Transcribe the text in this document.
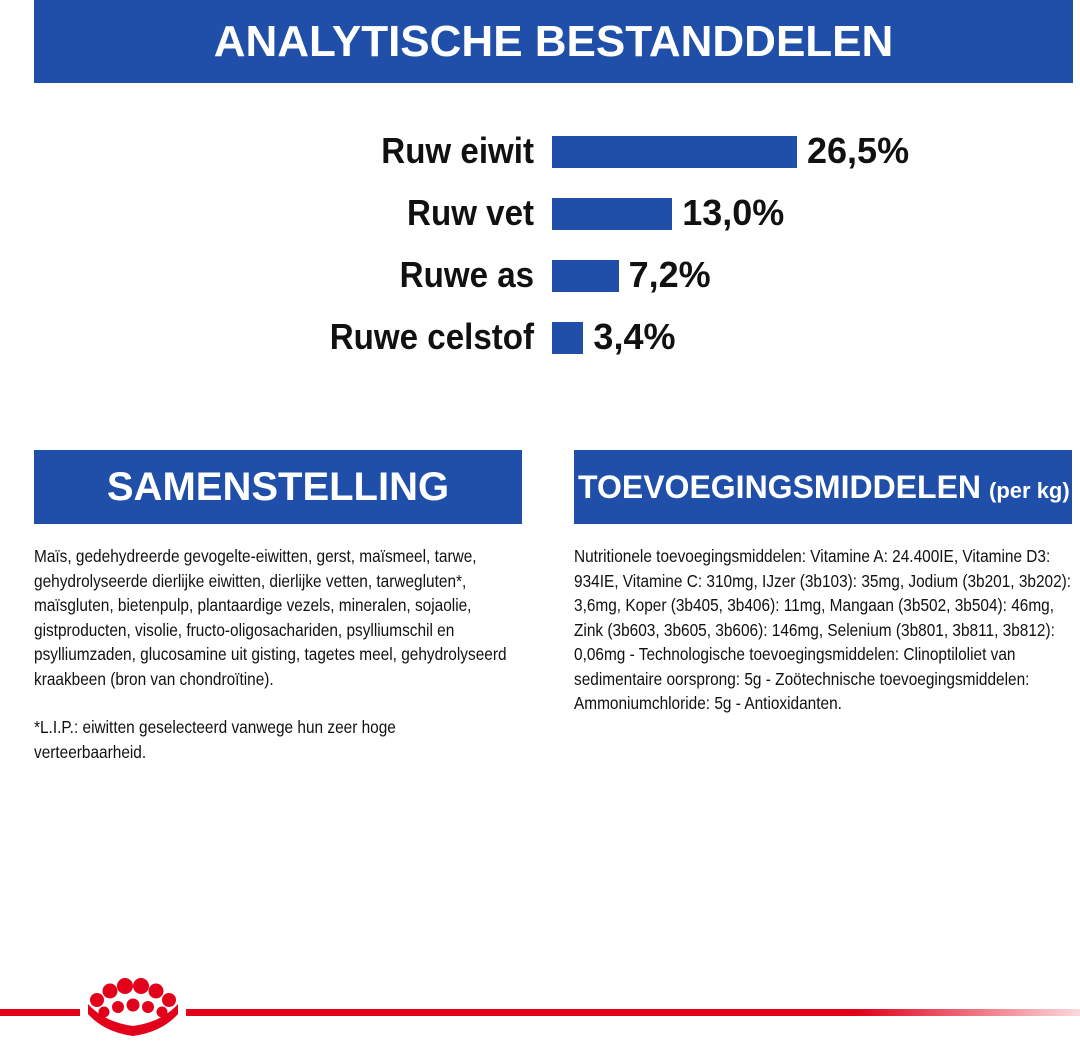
ANALYTISCHE BESTANDDELEN
Ruw eiwit	26,5%
Ruw vet	13,0%
Ruwe as	7,2%
Ruwe celstof 3,4%
SAMENSTELLING	TOEVOEGINGSMIDDELEN (per kg)

Maïs, gedehydreerde gevogelte-eiwitten, gerst, maïsmeel, tarwe, gehydrolyseerde dierlijke eiwitten, dierlijke vetten, tarwegluten*, maïsgluten, bietenpulp, plantaardige vezels, mineralen, sojaolie, gistproducten, visolie, fructo-oligosachariden, psylliumschil en psylliumzaden, glucosamine uit gisting, tagetes meel, gehydrolyseerd kraakbeen (bron van chondroïtine).

*L.I.P.: eiwitten geselecteerd vanwege hun zeer hoge verteerbaarheid.

Nutritionele toevoegingsmiddelen: Vitamine A: 24.400IE, Vitamine D3: 934IE, Vitamine C: 310mg, IJzer (3b103): 35mg, Jodium (3b201, 3b202): 3,6mg, Koper (3b405, 3b406): 11mg, Mangaan (3b502, 3b504): 46mg, Zink (3b603, 3b605, 3b606): 146mg, Selenium (3b801, 3b811, 3b812): 0,06mg - Technologische toevoegingsmiddelen: Clinoptiloliet van sedimentaire oorsprong: 5g - Zoötechnische toevoegingsmiddelen: Ammoniumchloride: 5g - Antioxidanten.
